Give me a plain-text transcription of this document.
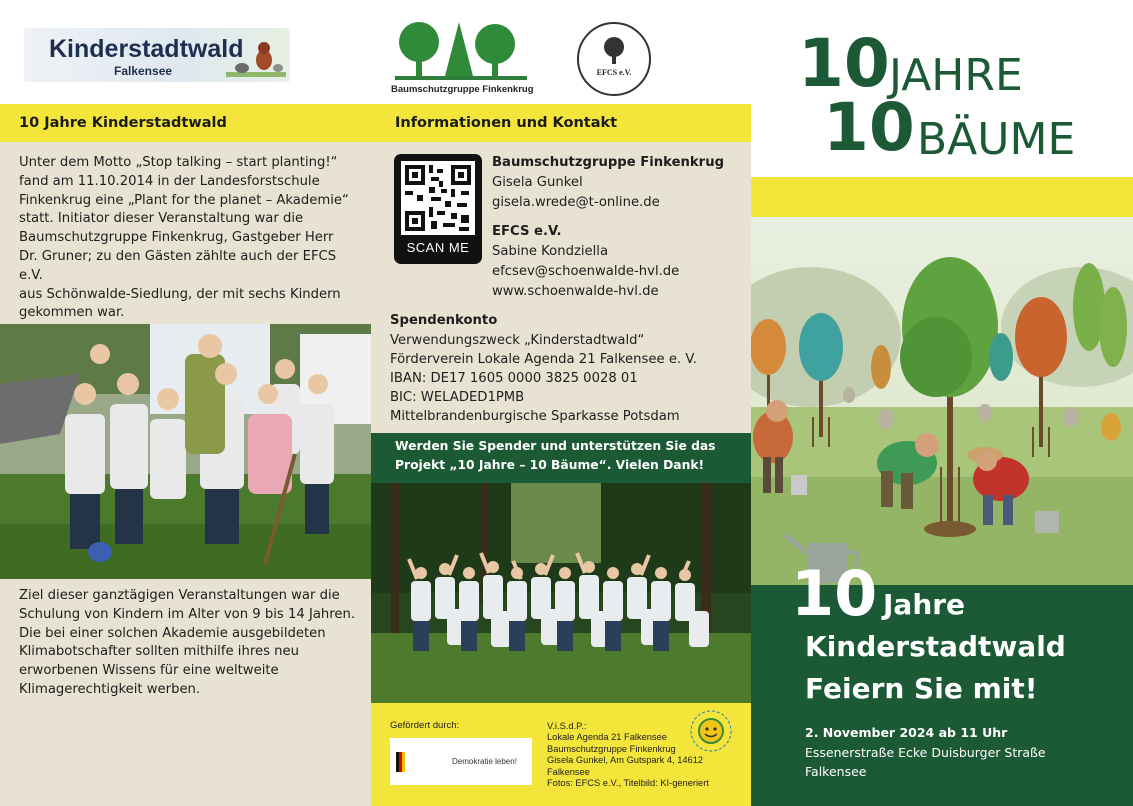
Kinderstadtwald
Falkensee
10 Jahre Kinderstadtwald
Unter dem Motto „Stop talking – start planting!“
fand am 11.10.2014 in der Landesforstschule
Finkenkrug eine „Plant for the planet – Akademie“
statt. Initiator dieser Veranstaltung war die
Baumschutzgruppe Finkenkrug, Gastgeber Herr
Dr. Gruner; zu den Gästen zählte auch der EFCS e.V.
aus Schönwalde-Siedlung, der mit sechs Kindern
gekommen war.
Ziel dieser ganztägigen Veranstaltungen war die
Schulung von Kindern im Alter von 9 bis 14 Jahren.
Die bei einer solchen Akademie ausgebildeten
Klimabotschafter sollten mithilfe ihres neu
erworbenen Wissens für eine weltweite
Klimagerechtigkeit werben.
Baumschutzgruppe Finkenkrug
EFCS e.V.
Informationen und Kontakt
SCAN ME
Baumschutzgruppe Finkenkrug
Gisela Gunkel
gisela.wrede@t-online.de
EFCS e.V.
Sabine Kondziella
efcsev@schoenwalde-hvl.de
www.schoenwalde-hvl.de
Spendenkonto
Verwendungszweck „Kinderstadtwald“
Förderverein Lokale Agenda 21 Falkensee e. V.
IBAN: DE17 1605 0000 3825 0028 01
BIC: WELADED1PMB
Mittelbrandenburgische Sparkasse Potsdam
Werden Sie Spender und unterstützen Sie das
Projekt „10 Jahre – 10 Bäume“. Vielen Dank!
Gefördert durch:
Demokratie leben!
V.i.S.d.P.:
Lokale Agenda 21 Falkensee
Baumschutzgruppe Finkenkrug
Gisela Gunkel, Am Gutspark 4, 14612 Falkensee
Fotos: EFCS e.V., Titelbild: KI-generiert
10 JAHRE
10 BÄUME
10 Jahre
Kinderstadtwald
Feiern Sie mit!
2. November 2024 ab 11 Uhr
Essenerstraße Ecke Duisburger Straße
Falkensee
